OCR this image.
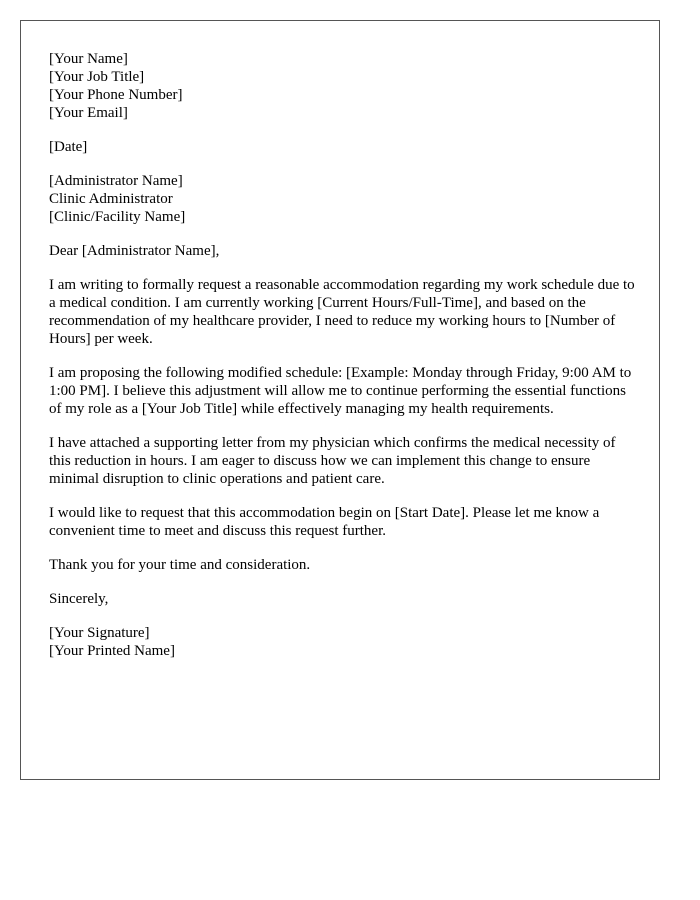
[Your Name]
[Your Job Title]
[Your Phone Number]
[Your Email]
[Date]
[Administrator Name]
Clinic Administrator
[Clinic/Facility Name]

Dear [Administrator Name],

I am writing to formally request a reasonable accommodation regarding my work schedule due to a medical condition. I am currently working [Current Hours/Full-Time], and based on the recommendation of my healthcare provider, I need to reduce my working hours to [Number of Hours] per week.

I am proposing the following modified schedule: [Example: Monday through Friday, 9:00 AM to 1:00 PM]. I believe this adjustment will allow me to continue performing the essential functions of my role as a [Your Job Title] while effectively managing my health requirements.

I have attached a supporting letter from my physician which confirms the medical necessity of this reduction in hours. I am eager to discuss how we can implement this change to ensure minimal disruption to clinic operations and patient care.

I would like to request that this accommodation begin on [Start Date]. Please let me know a convenient time to meet and discuss this request further.

Thank you for your time and consideration.

Sincerely,

[Your Signature]
[Your Printed Name]
